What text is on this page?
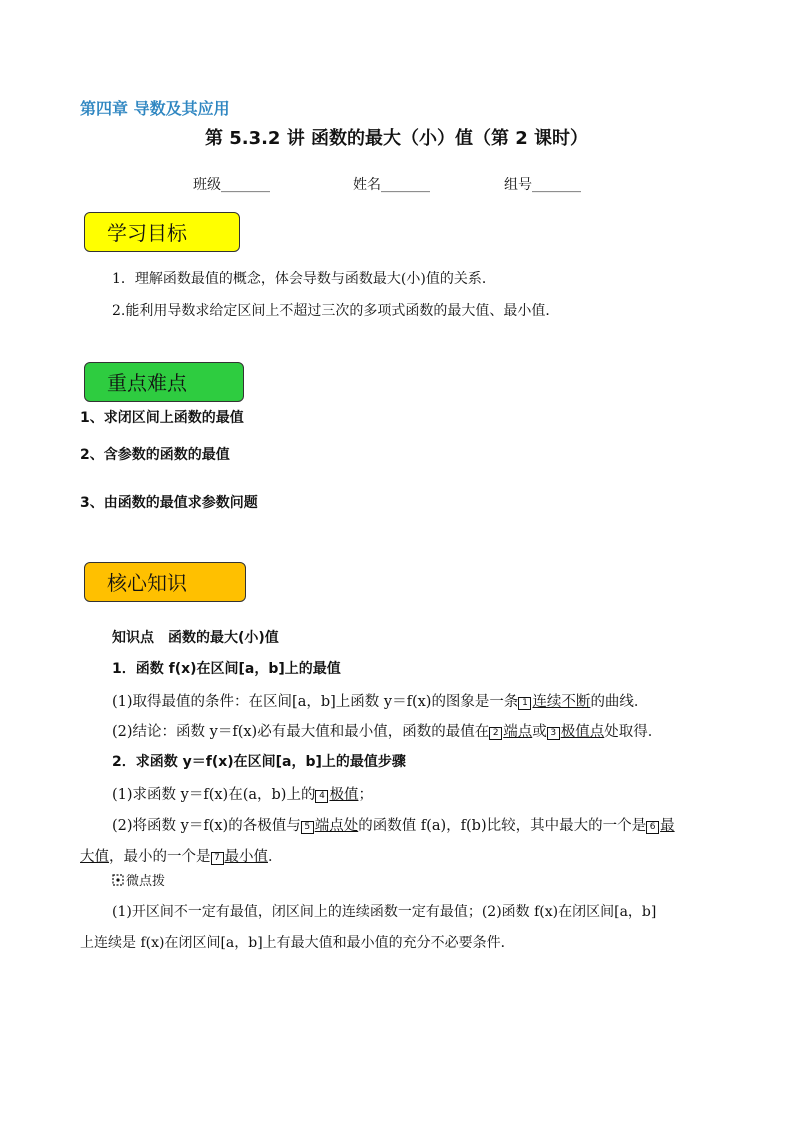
第四章 导数及其应用
第 5.3.2 讲 函数的最大（小）值（第 2 课时）
班级_______	姓名_______	组号_______
学习目标
1．理解函数最值的概念，体会导数与函数最大(小)值的关系．
2.能利用导数求给定区间上不超过三次的多项式函数的最大值、最小值．
重点难点
1、求闭区间上函数的最值
2、含参数的函数的最值
3、由函数的最值求参数问题
核心知识
知识点　函数的最大(小)值
1．函数 f(x)在区间[a，b]上的最值
(1)取得最值的条件：在区间[a，b]上函数 y＝f(x)的图象是一条 1 连续不断的曲线．
(2)结论：函数 y＝f(x)必有最大值和最小值，函数的最值在 2 端点或 3 极值点处取得．
2．求函数 y＝f(x)在区间[a，b]上的最值步骤
(1)求函数 y＝f(x)在(a，b)上的 4 极值；
(2)将函数 y＝f(x)的各极值与 5 端点处的函数值 f(a)，f(b)比较，其中最大的一个是 6 最
大值，最小的一个是 7 最小值．
微点拨
(1)开区间不一定有最值，闭区间上的连续函数一定有最值；(2)函数 f(x)在闭区间[a，b]
上连续是 f(x)在闭区间[a，b]上有最大值和最小值的充分不必要条件．
